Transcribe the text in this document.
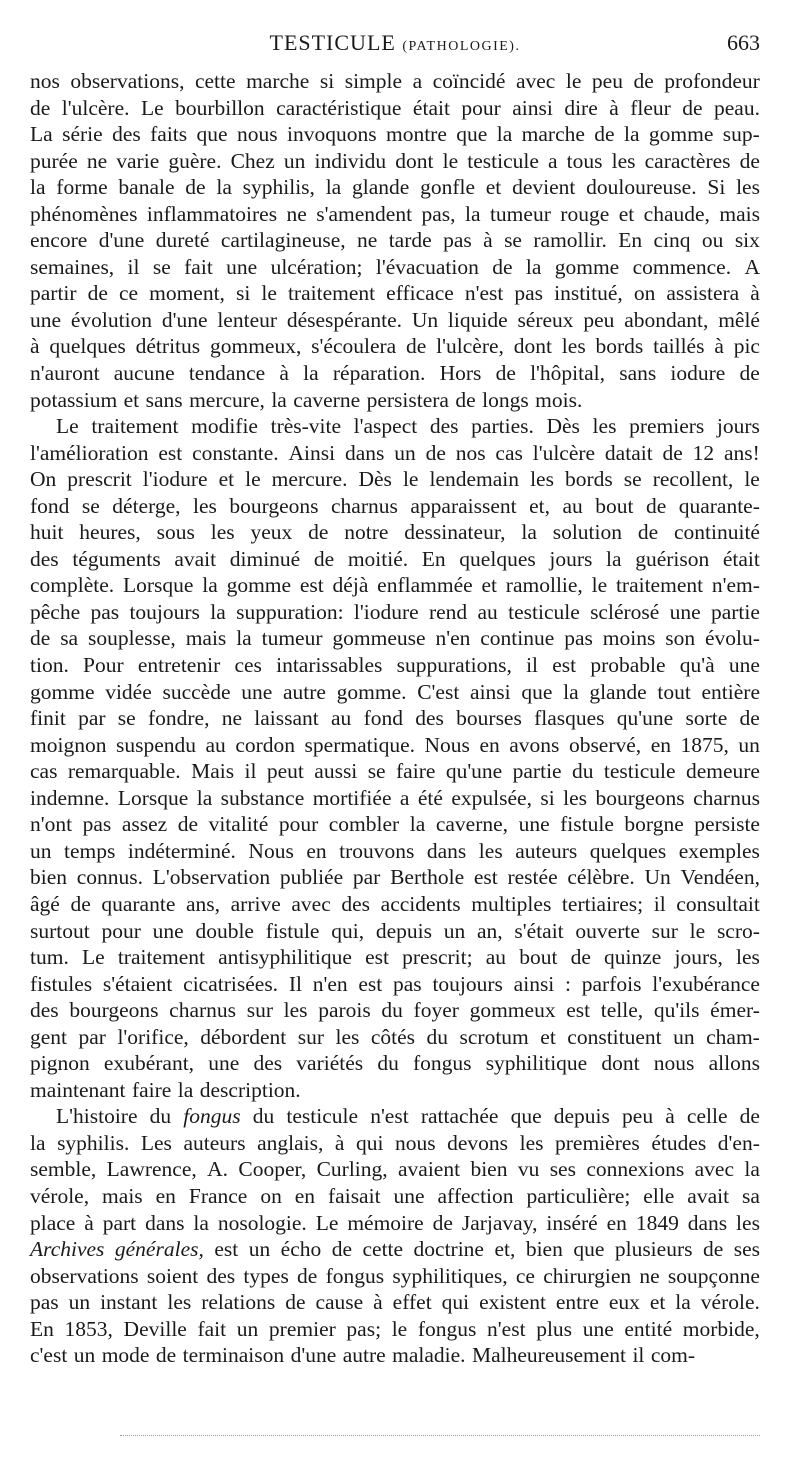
TESTICULE (PATHOLOGIE).	663
nos observations, cette marche si simple a coïncidé avec le peu de profondeur
de l'ulcère. Le bourbillon caractéristique était pour ainsi dire à fleur de peau.
La série des faits que nous invoquons montre que la marche de la gomme sup-
purée ne varie guère. Chez un individu dont le testicule a tous les caractères de
la forme banale de la syphilis, la glande gonfle et devient douloureuse. Si les
phénomènes inflammatoires ne s'amendent pas, la tumeur rouge et chaude, mais
encore d'une dureté cartilagineuse, ne tarde pas à se ramollir. En cinq ou six
semaines, il se fait une ulcération; l'évacuation de la gomme commence. A
partir de ce moment, si le traitement efficace n'est pas institué, on assistera à
une évolution d'une lenteur désespérante. Un liquide séreux peu abondant, mêlé
à quelques détritus gommeux, s'écoulera de l'ulcère, dont les bords taillés à pic
n'auront aucune tendance à la réparation. Hors de l'hôpital, sans iodure de
potassium et sans mercure, la caverne persistera de longs mois.
Le traitement modifie très-vite l'aspect des parties. Dès les premiers jours
l'amélioration est constante. Ainsi dans un de nos cas l'ulcère datait de 12 ans!
On prescrit l'iodure et le mercure. Dès le lendemain les bords se recollent, le
fond se déterge, les bourgeons charnus apparaissent et, au bout de quarante-
huit heures, sous les yeux de notre dessinateur, la solution de continuité
des téguments avait diminué de moitié. En quelques jours la guérison était
complète. Lorsque la gomme est déjà enflammée et ramollie, le traitement n'em-
pêche pas toujours la suppuration: l'iodure rend au testicule sclérosé une partie
de sa souplesse, mais la tumeur gommeuse n'en continue pas moins son évolu-
tion. Pour entretenir ces intarissables suppurations, il est probable qu'à une
gomme vidée succède une autre gomme. C'est ainsi que la glande tout entière
finit par se fondre, ne laissant au fond des bourses flasques qu'une sorte de
moignon suspendu au cordon spermatique. Nous en avons observé, en 1875, un
cas remarquable. Mais il peut aussi se faire qu'une partie du testicule demeure
indemne. Lorsque la substance mortifiée a été expulsée, si les bourgeons charnus
n'ont pas assez de vitalité pour combler la caverne, une fistule borgne persiste
un temps indéterminé. Nous en trouvons dans les auteurs quelques exemples
bien connus. L'observation publiée par Berthole est restée célèbre. Un Vendéen,
âgé de quarante ans, arrive avec des accidents multiples tertiaires; il consultait
surtout pour une double fistule qui, depuis un an, s'était ouverte sur le scro-
tum. Le traitement antisyphilitique est prescrit; au bout de quinze jours, les
fistules s'étaient cicatrisées. Il n'en est pas toujours ainsi : parfois l'exubérance
des bourgeons charnus sur les parois du foyer gommeux est telle, qu'ils émer-
gent par l'orifice, débordent sur les côtés du scrotum et constituent un cham-
pignon exubérant, une des variétés du fongus syphilitique dont nous allons
maintenant faire la description.
L'histoire du fongus du testicule n'est rattachée que depuis peu à celle de
la syphilis. Les auteurs anglais, à qui nous devons les premières études d'en-
semble, Lawrence, A. Cooper, Curling, avaient bien vu ses connexions avec la
vérole, mais en France on en faisait une affection particulière; elle avait sa
place à part dans la nosologie. Le mémoire de Jarjavay, inséré en 1849 dans les
Archives générales, est un écho de cette doctrine et, bien que plusieurs de ses
observations soient des types de fongus syphilitiques, ce chirurgien ne soupçonne
pas un instant les relations de cause à effet qui existent entre eux et la vérole.
En 1853, Deville fait un premier pas; le fongus n'est plus une entité morbide,
c'est un mode de terminaison d'une autre maladie. Malheureusement il com-
